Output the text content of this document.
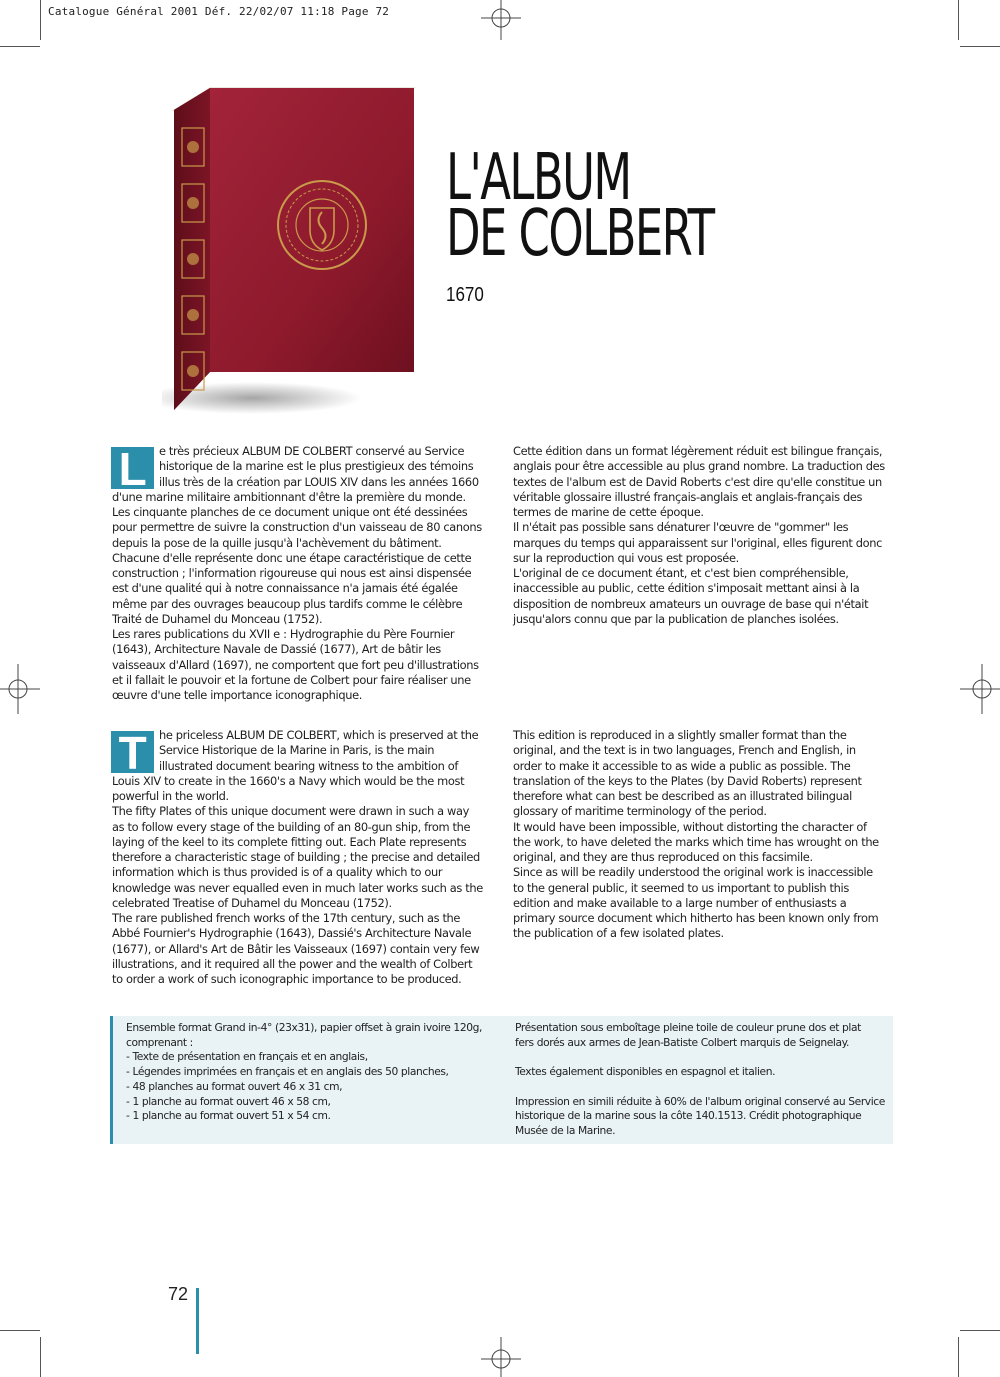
Catalogue Général 2001 Déf. 22/02/07 11:18 Page 72
L'ALBUM
DE COLBERT
1670
L	e très précieux ALBUM DE COLBERT conservé au Service historique de la marine est le plus prestigieux des témoins illus très de la création par LOUIS XIV dans les années 1660 d'une marine militaire ambitionnant d'être la première du monde.

Les cinquante planches de ce document unique ont été dessinées pour permettre de suivre la construction d'un vaisseau de 80 canons depuis la pose de la quille jusqu'à l'achèvement du bâtiment. Chacune d'elle représente donc une étape caractéristique de cette construction ; l'information rigoureuse qui nous est ainsi dispensée est d'une qualité qui à notre connaissance n'a jamais été égalée même par des ouvrages beaucoup plus tardifs comme le célèbre Traité de Duhamel du Monceau (1752).

Les rares publications du XVII e : Hydrographie du Père Fournier (1643), Architecture Navale de Dassié (1677), Art de bâtir les vaisseaux d'Allard (1697), ne comportent que fort peu d'illustrations et il fallait le pouvoir et la fortune de Colbert pour faire réaliser une œuvre d'une telle importance iconographique.

Cette édition dans un format légèrement réduit est bilingue français, anglais pour être accessible au plus grand nombre. La traduction des textes de l'album est de David Roberts c'est dire qu'elle constitue un véritable glossaire illustré français-anglais et anglais-français des termes de marine de cette époque.

Il n'était pas possible sans dénaturer l'œuvre de "gommer" les marques du temps qui apparaissent sur l'original, elles figurent donc sur la reproduction qui vous est proposée.

L'original de ce document étant, et c'est bien compréhensible, inaccessible au public, cette édition s'imposait mettant ainsi à la disposition de nombreux amateurs un ouvrage de base qui n'était jusqu'alors connu que par la publication de planches isolées.

T	he priceless ALBUM DE COLBERT, which is preserved at the Service Historique de la Marine in Paris, is the main illustrated document bearing witness to the ambition of Louis XIV to create in the 1660's a Navy which would be the most powerful in the world.

The fifty Plates of this unique document were drawn in such a way as to follow every stage of the building of an 80-gun ship, from the laying of the keel to its complete fitting out. Each Plate represents therefore a characteristic stage of building ; the precise and detailed information which is thus provided is of a quality which to our knowledge was never equalled even in much later works such as the celebrated Treatise of Duhamel du Monceau (1752).

The rare published french works of the 17th century, such as the Abbé Fournier's Hydrographie (1643), Dassié's Architecture Navale (1677), or Allard's Art de Bâtir les Vaisseaux (1697) contain very few illustrations, and it required all the power and the wealth of Colbert to order a work of such iconographic importance to be produced.

This edition is reproduced in a slightly smaller format than the original, and the text is in two languages, French and English, in order to make it accessible to as wide a public as possible. The translation of the keys to the Plates (by David Roberts) represent therefore what can best be described as an illustrated bilingual glossary of maritime terminology of the period.

It would have been impossible, without distorting the character of the work, to have deleted the marks which time has wrought on the original, and they are thus reproduced on this facsimile.

Since as will be readily understood the original work is inaccessible to the general public, it seemed to us important to publish this edition and make available to a large number of enthusiasts a primary source document which hitherto has been known only from the publication of a few isolated plates.

Ensemble format Grand in-4° (23x31), papier offset à grain ivoire 120g,
comprenant :
- Texte de présentation en français et en anglais,
- Légendes imprimées en français et en anglais des 50 planches,
- 48 planches au format ouvert 46 x 31 cm,
- 1 planche au format ouvert 46 x 58 cm,
- 1 planche au format ouvert 51 x 54 cm.
Présentation sous emboîtage pleine toile de couleur prune dos et plat
fers dorés aux armes de Jean-Batiste Colbert marquis de Seignelay.

Textes également disponibles en espagnol et italien.

Impression en simili réduite à 60% de l'album original conservé au Service
historique de la marine sous la côte 140.1513. Crédit photographique
Musée de la Marine.
72
